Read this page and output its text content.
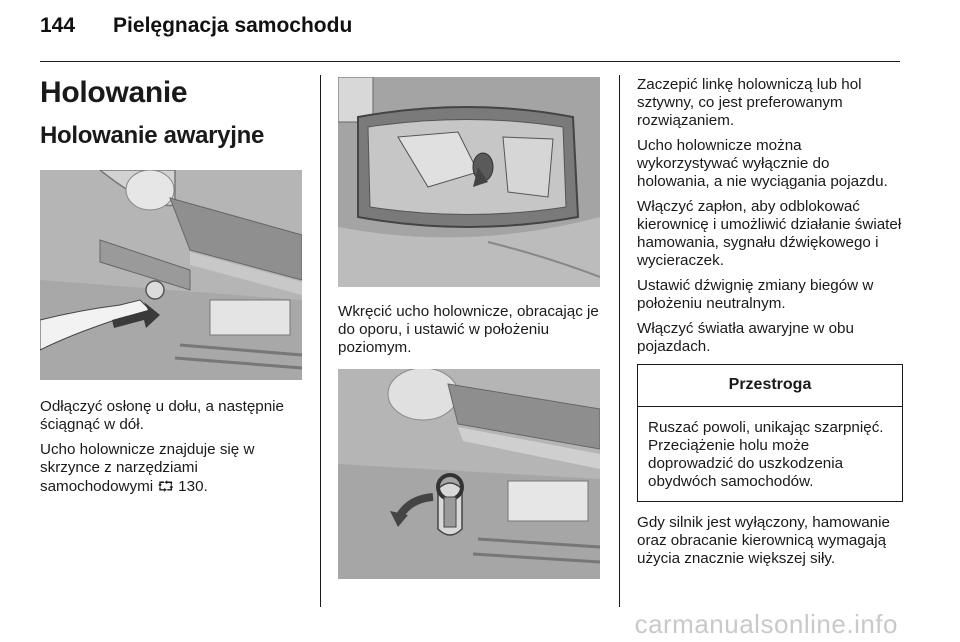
144 Pielęgnacja samochodu
Holowanie
Holowanie awaryjne

Odłączyć osłonę u dołu, a następnie ściągnąć w dół.

Ucho holownicze znajduje się w skrzynce z narzędziami samochodowymi ⮔ 130.

Wkręcić ucho holownicze, obracając je do oporu, i ustawić w położeniu poziomym.

Zaczepić linkę holowniczą lub hol sztywny, co jest preferowanym rozwiązaniem.

Ucho holownicze można wykorzystywać wyłącznie do holowania, a nie wyciągania pojazdu.

Włączyć zapłon, aby odblokować kierownicę i umożliwić działanie świateł hamowania, sygnału dźwiękowego i wycieraczek.

Ustawić dźwignię zmiany biegów w położeniu neutralnym.

Włączyć światła awaryjne w obu pojazdach.

Przestroga
Ruszać powoli, unikając szarpnięć. Przeciążenie holu może doprowadzić do uszkodzenia obydwóch samochodów.

Gdy silnik jest wyłączony, hamowanie oraz obracanie kierownicą wymagają użycia znacznie większej siły.

carmanualsonline.info
